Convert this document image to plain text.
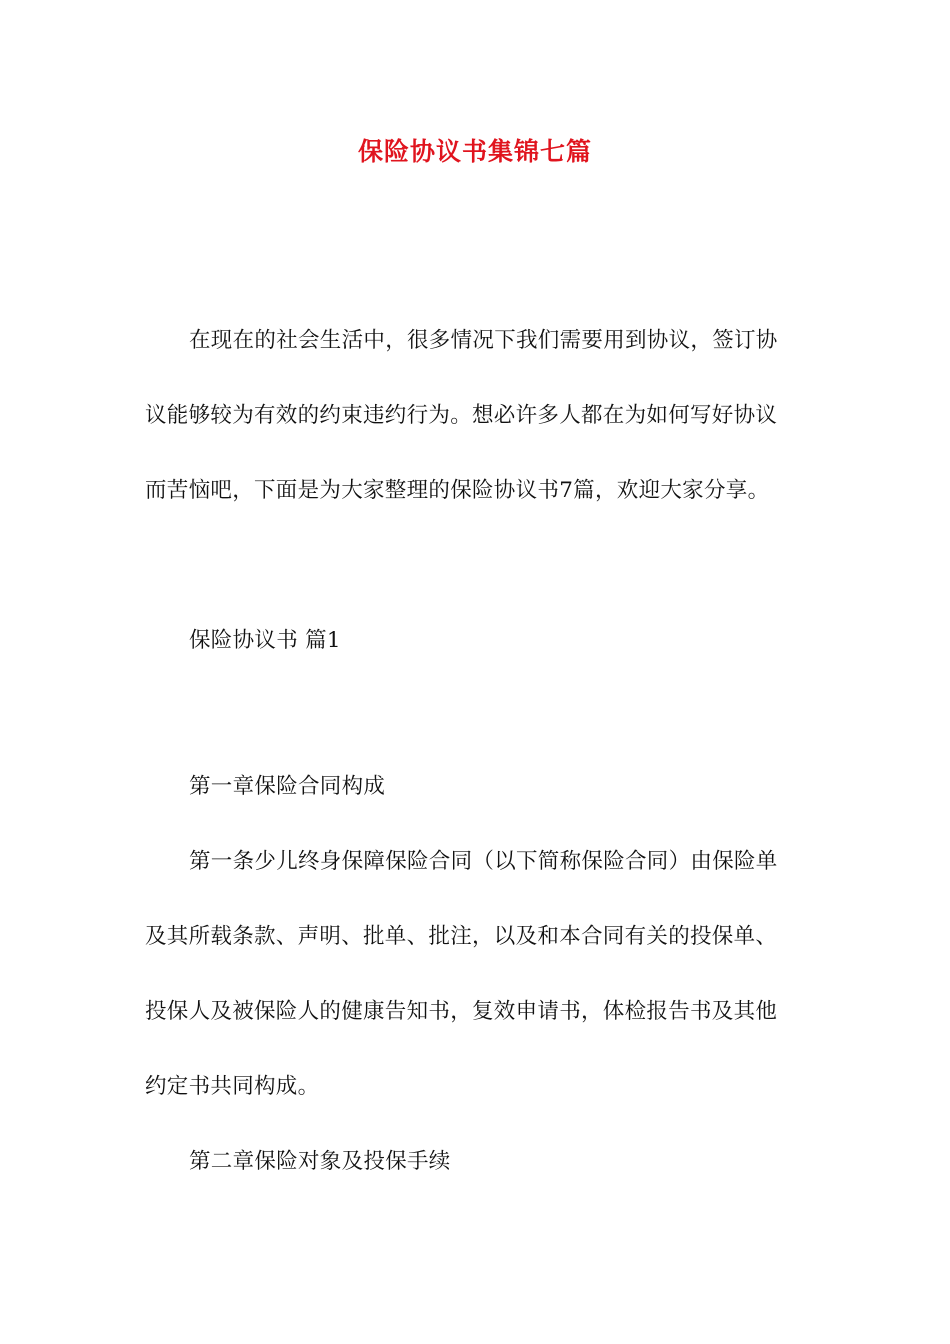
保险协议书集锦七篇
在现在的社会生活中，很多情况下我们需要用到协议，签订协
议能够较为有效的约束违约行为。想必许多人都在为如何写好协议
而苦恼吧，下面是为大家整理的保险协议书7篇，欢迎大家分享。
保险协议书 篇1
第一章保险合同构成
第一条少儿终身保障保险合同（以下简称保险合同）由保险单
及其所载条款、声明、批单、批注，以及和本合同有关的投保单、
投保人及被保险人的健康告知书，复效申请书，体检报告书及其他
约定书共同构成。
第二章保险对象及投保手续
